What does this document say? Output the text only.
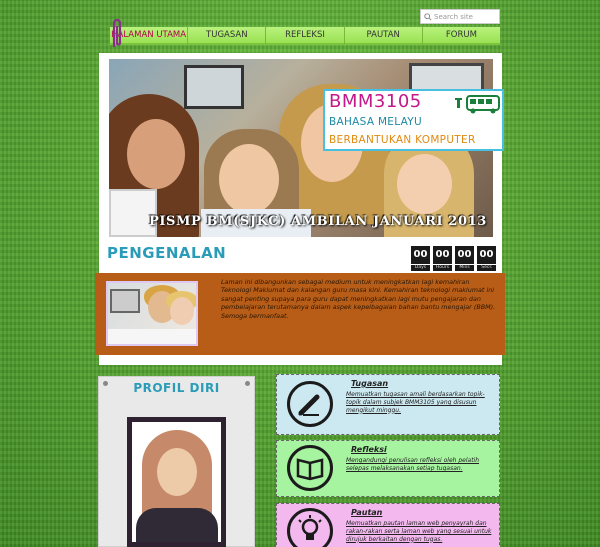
Search site
HALAMAN UTAMA	TUGASAN	REFLEKSI	PAUTAN	FORUM
BMM3105
BAHASA MELAYU
BERBANTUKAN KOMPUTER
PISMP BM(SJKC) AMBILAN JANUARI 2013
PENGENALAN	00
Days
00
Hours
00
Mins
00
Secs
Laman ini dibangunkan sebagai medium untuk meningkatkan lagi kemahiran Teknologi Maklumat dan kalangan guru masa kini. Kemahiran teknologi maklumat ini sangat penting supaya para guru dapat meningkatkan lagi mutu pengajaran dan pembelajaran terutamanya dalam aspek kepelbagaian bahan bantu mengajar (BBM). Semoga bermanfaat.
PROFIL DIRI	Tugasan
Memuatkan tugasan amali berdasarkan topik-topik dalam subjek BMM3105 yang disusun mengikut minggu.
Refleksi
Mengandungi penulisan refleksi oleh pelatih selepas melaksanakan setiap tugasan.
Pautan
Memuatkan pautan laman web penyayrah dan rakan-rakan serta laman web yang sesuai untuk dirujuk berkaitan dengan tugas.
